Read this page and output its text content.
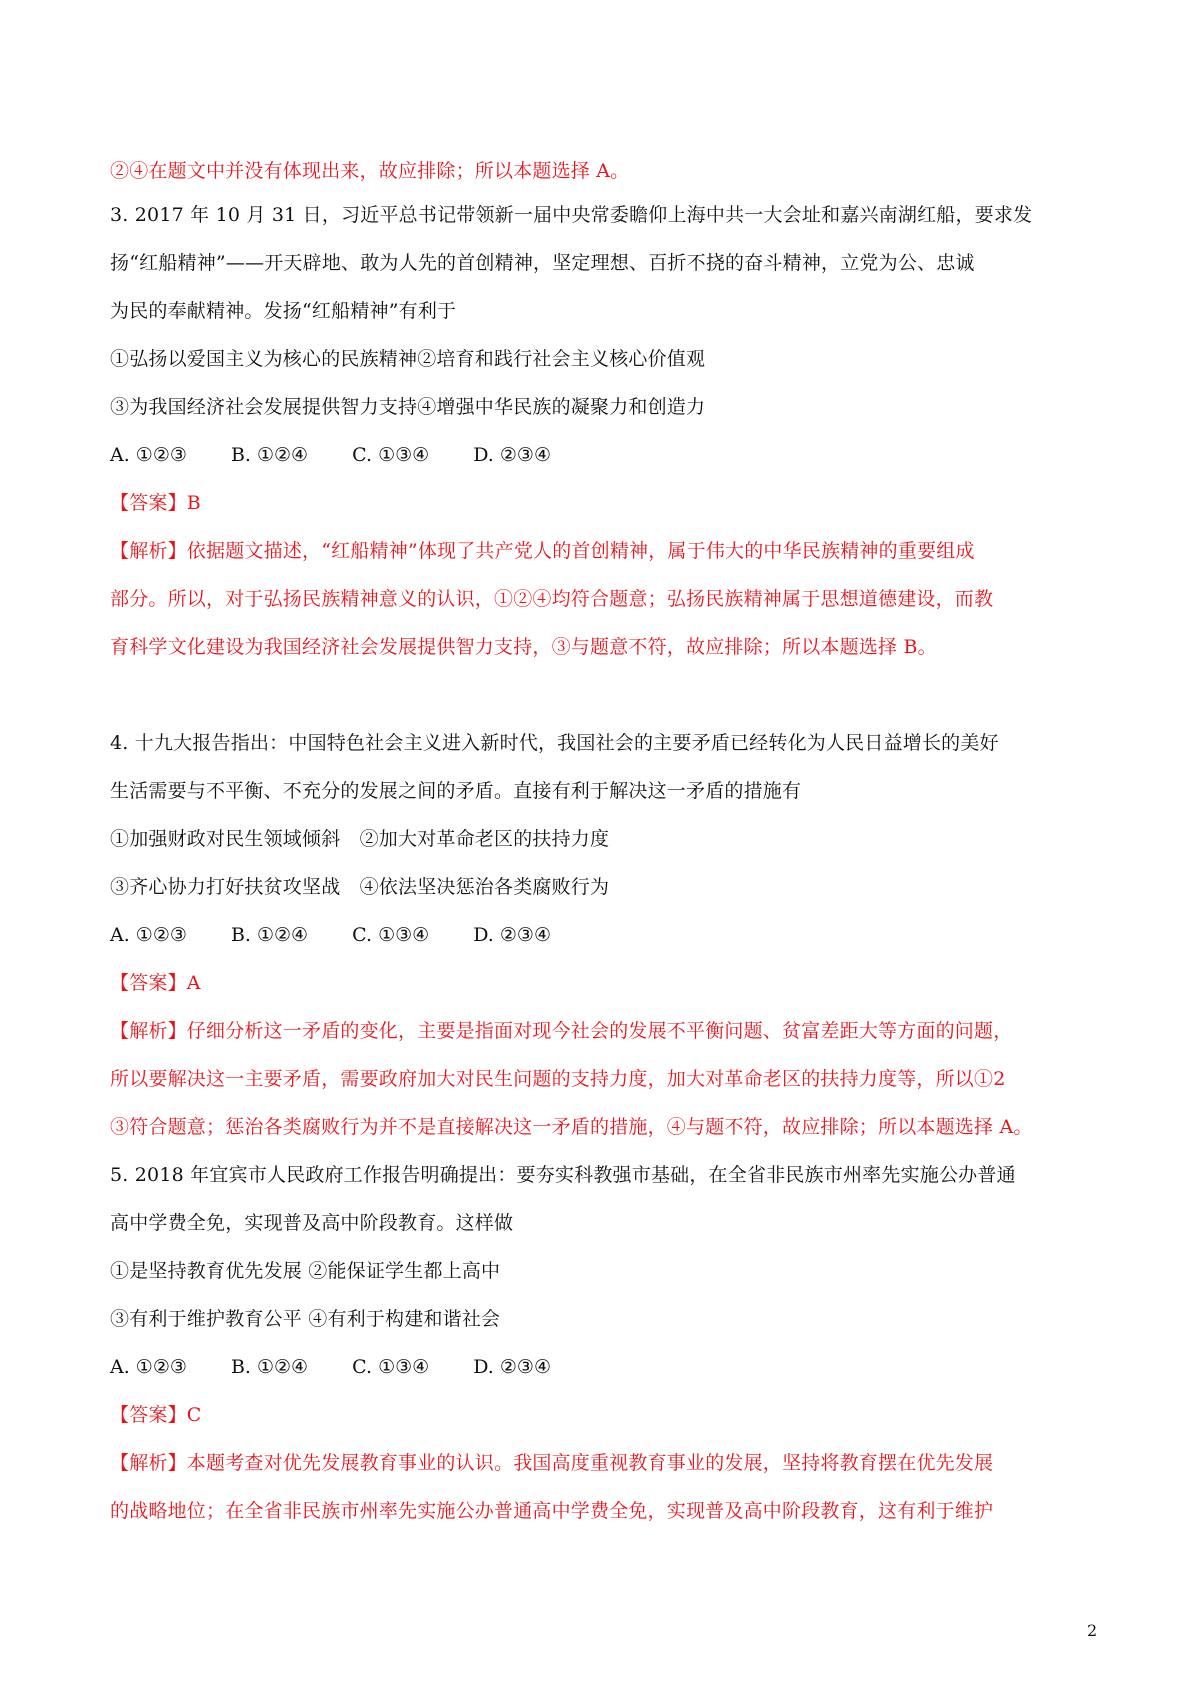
②④在题文中并没有体现出来，故应排除；所以本题选择 A。
3. 2017 年 10 月 31 日，习近平总书记带领新一届中央常委瞻仰上海中共一大会址和嘉兴南湖红船，要求发
扬“红船精神”——开天辟地、敢为人先的首创精神，坚定理想、百折不挠的奋斗精神，立党为公、忠诚
为民的奉献精神。发扬“红船精神”有利于
①弘扬以爱国主义为核心的民族精神②培育和践行社会主义核心价值观
③为我国经济社会发展提供智力支持④增强中华民族的凝聚力和创造力
A. ①②③ B. ①②④ C. ①③④ D. ②③④
【答案】B
【解析】依据题文描述，“红船精神”体现了共产党人的首创精神，属于伟大的中华民族精神的重要组成
部分。所以，对于弘扬民族精神意义的认识，①②④均符合题意；弘扬民族精神属于思想道德建设，而教
育科学文化建设为我国经济社会发展提供智力支持，③与题意不符，故应排除；所以本题选择 B。
4. 十九大报告指出：中国特色社会主义进入新时代，我国社会的主要矛盾已经转化为人民日益增长的美好
生活需要与不平衡、不充分的发展之间的矛盾。直接有利于解决这一矛盾的措施有
①加强财政对民生领域倾斜　②加大对革命老区的扶持力度
③齐心协力打好扶贫攻坚战　④依法坚决惩治各类腐败行为
A. ①②③ B. ①②④ C. ①③④ D. ②③④
【答案】A
【解析】仔细分析这一矛盾的变化，主要是指面对现今社会的发展不平衡问题、贫富差距大等方面的问题，
所以要解决这一主要矛盾，需要政府加大对民生问题的支持力度，加大对革命老区的扶持力度等，所以①2
③符合题意；惩治各类腐败行为并不是直接解决这一矛盾的措施，④与题不符，故应排除；所以本题选择 A。
5. 2018 年宜宾市人民政府工作报告明确提出：要夯实科教强市基础，在全省非民族市州率先实施公办普通
高中学费全免，实现普及高中阶段教育。这样做
①是坚持教育优先发展 ②能保证学生都上高中
③有利于维护教育公平 ④有利于构建和谐社会
A. ①②③ B. ①②④ C. ①③④ D. ②③④
【答案】C
【解析】本题考查对优先发展教育事业的认识。我国高度重视教育事业的发展，坚持将教育摆在优先发展
的战略地位；在全省非民族市州率先实施公办普通高中学费全免，实现普及高中阶段教育，这有利于维护
2
